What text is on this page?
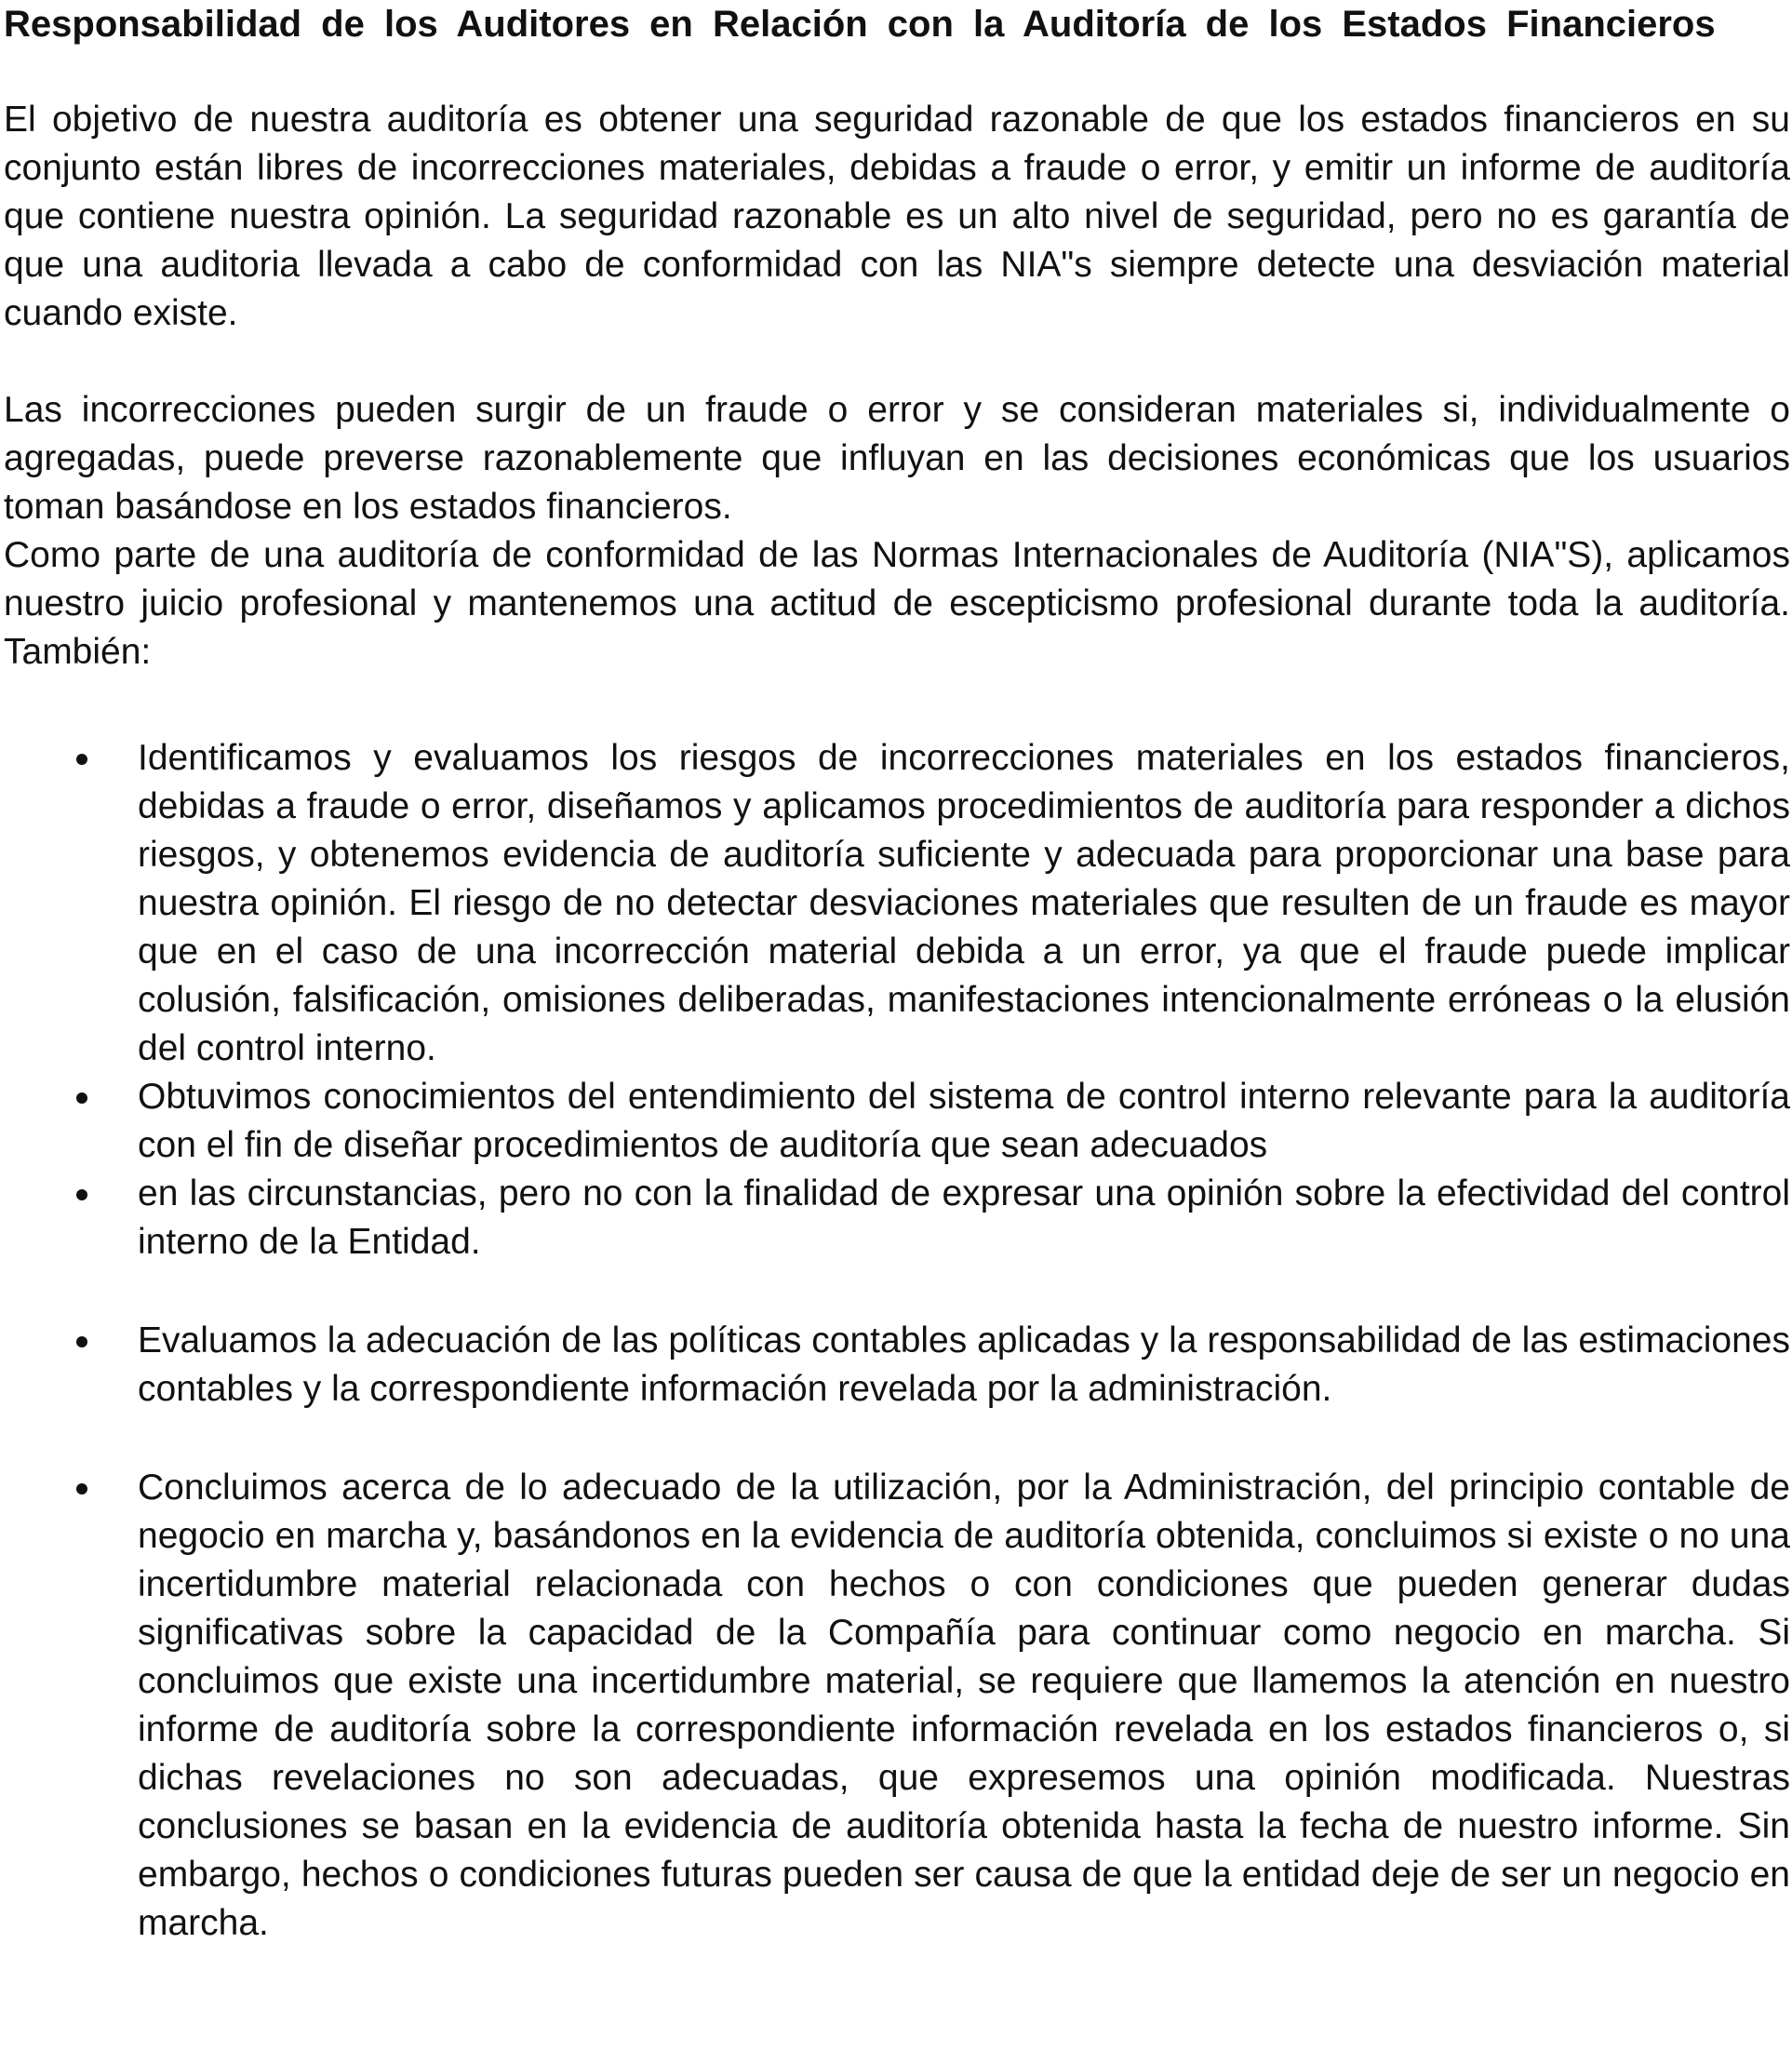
Responsabilidad de los Auditores en Relación con la Auditoría de los Estados Financieros

El objetivo de nuestra auditoría es obtener una seguridad razonable de que los estados financieros en su conjunto están libres de incorrecciones materiales, debidas a fraude o error, y emitir un informe de auditoría que contiene nuestra opinión. La seguridad razonable es un alto nivel de seguridad, pero no es garantía de que una auditoria llevada a cabo de conformidad con las NIA"s siempre detecte una desviación material cuando existe.

Las incorrecciones pueden surgir de un fraude o error y se consideran materiales si, individualmente o agregadas, puede preverse razonablemente que influyan en las decisiones económicas que los usuarios toman basándose en los estados financieros.

Como parte de una auditoría de conformidad de las Normas Internacionales de Auditoría (NIA"S), aplicamos nuestro juicio profesional y mantenemos una actitud de escepticismo profesional durante toda la auditoría. También:

Identificamos y evaluamos los riesgos de incorrecciones materiales en los estados financieros, debidas a fraude o error, diseñamos y aplicamos procedimientos de auditoría para responder a dichos riesgos, y obtenemos evidencia de auditoría suficiente y adecuada para proporcionar una base para nuestra opinión. El riesgo de no detectar desviaciones materiales que resulten de un fraude es mayor que en el caso de una incorrección material debida a un error, ya que el fraude puede implicar colusión, falsificación, omisiones deliberadas, manifestaciones intencionalmente erróneas o la elusión del control interno.
Obtuvimos conocimientos del entendimiento del sistema de control interno relevante para la auditoría con el fin de diseñar procedimientos de auditoría que sean adecuados
en las circunstancias, pero no con la finalidad de expresar una opinión sobre la efectividad del control interno de la Entidad.
Evaluamos la adecuación de las políticas contables aplicadas y la responsabilidad de las estimaciones contables y la correspondiente información revelada por la administración.
Concluimos acerca de lo adecuado de la utilización, por la Administración, del principio contable de negocio en marcha y, basándonos en la evidencia de auditoría obtenida, concluimos si existe o no una incertidumbre material relacionada con hechos o con condiciones que pueden generar dudas significativas sobre la capacidad de la Compañía para continuar como negocio en marcha. Si concluimos que existe una incertidumbre material, se requiere que llamemos la atención en nuestro informe de auditoría sobre la correspondiente información revelada en los estados financieros o, si dichas revelaciones no son adecuadas, que expresemos una opinión modificada. Nuestras conclusiones se basan en la evidencia de auditoría obtenida hasta la fecha de nuestro informe. Sin embargo, hechos o condiciones futuras pueden ser causa de que la entidad deje de ser un negocio en marcha.
